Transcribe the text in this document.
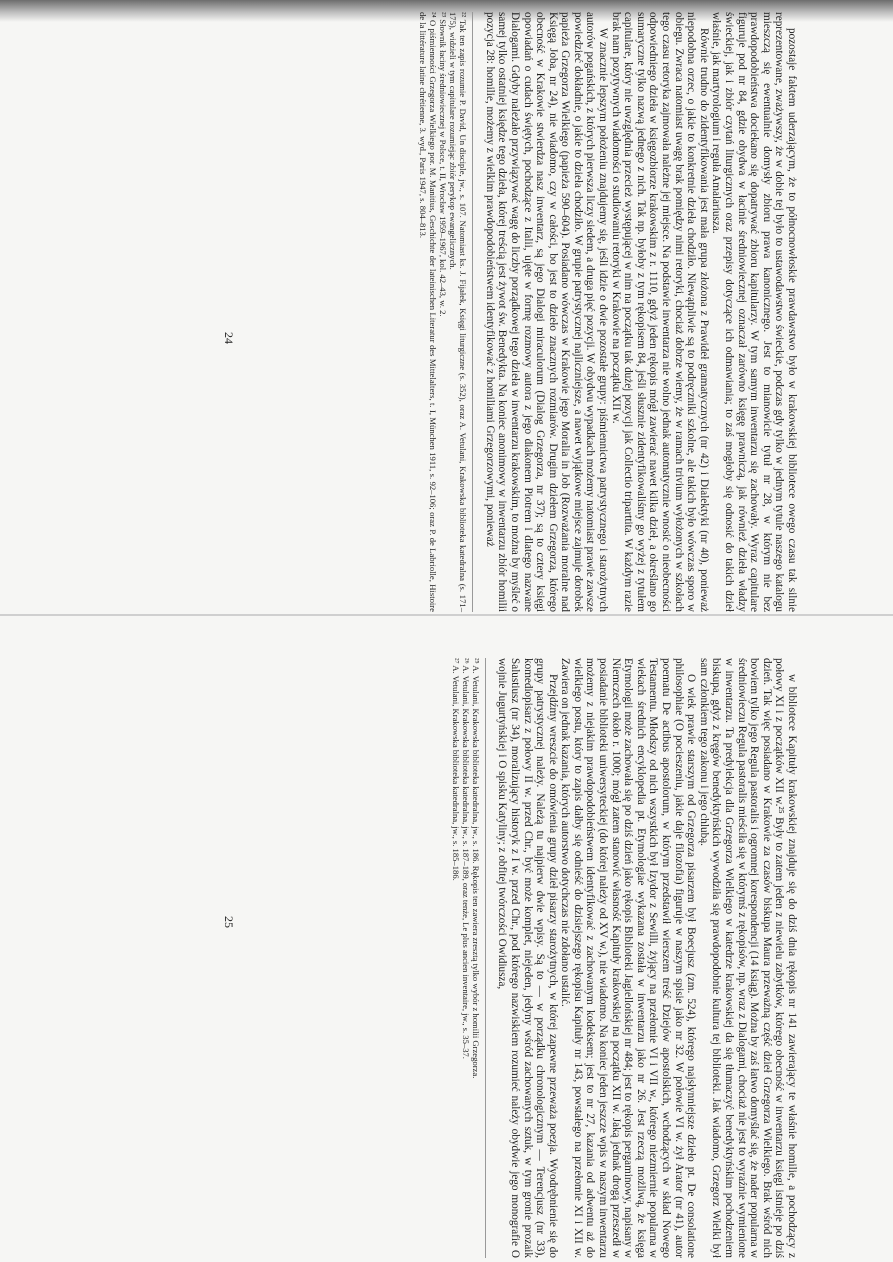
pozostaje faktem uderzającym, że to północnowłoskie prawdawstwo było w krakowskiej bibliotece owego czasu tak silnie reprezentowane, zważywszy, że w dobie tej było to ustawodawstwo świeckie, podczas gdy tylko w jednym tytule naszego katalogu mieszczą się ewentualnie domysły zbioru prawa kanonicznego. Jest to mianowicie tytuł nr 28, w którym nie bez prawdopodobieństwa dociekano się dopatrywać zbioru kapitularzy. W tym samym inwentarzu się zachowały. Wyraz capitulare figuruje pod nr 84, gdzie obydwa w łacinie średniowiecznej oznaczał zarówno księgę prawniczą, jak również dzieła władzy świeckiej, jak i zbiór czytań liturgicznych oraz przepisy dotyczące ich odmawiania; to zaś mogłoby się odnosić do takich dzieł właśnie, jak martyrologium i reguła Amalariusza.

Równie trudno do zidentyfikowania jest mała grupa złożona z Prawideł gramatycznych (nr 42) i Dialektyki (nr 40), ponieważ niepodobna orzec, o jakie to konkretnie dzieła chodziło. Niewątpliwie są to podręczniki szkolne, ale takich było wówczas sporo w obiegu. Zwraca natomiast uwagę brak pomiędzy nimi retoryki, chociaż dobrze wiemy, że w ramach trivium wyłożonych w szkołach tego czasu retoryka zajmowała należne jej miejsce. Na podstawie inwentarza nie wolno jednak automatycznie wnosić o nieobecności odpowiedniego dzieła w księgozbiorze krakowskim z r. 1110, gdyż jeden rękopis mógł zawierać nawet kilka dzieł, a określano go sumaryczne tylko nazwą jednego z nich. Tak np. byłoby z tym rękopisem 84, jeśli słusznie zidentyfikowaliśmy go wyżej z tytułem capitulare, który nie uwzględnia przecież występującej w nim na początku tak dużej pozycji jak Collectio triparttita. W każdym razie brak nam pozytywnych wiadomości o studiowaniu retoryki w Krakowie na początku XII w.

W znacznie lepszym położeniu znajdujemy się, jeśli idzie o dwie pozostałe grupy: piśmiennictwa patrystycznego i starożytnych autorów pogańskich, z których pierwsza liczy siedem, a druga pięć pozycji. W obydwu wypadkach możemy natomiast prawie zawsze powiedzieć dokładnie, o jakie to dzieła chodziło. W grupie patrystycznej najliczniejsze, a nawet wyjątkowe miejsce zajmuje dorobek papieża Grzegorza Wielkiego (papieża 590–604). Posiadano wówczas w Krakowie jego Moralia in Job (Rozważania moralne nad Księgą Joba, nr 24), nie wiadomo, czy w całości, bo jest to dzieło znacznych rozmiarów. Drugim dziełem Grzegorza, którego obecność w Krakowie stwierdza nasz inwentarz, są jego Dialogi miraculorum (Dialog Grzegorza, nr 37); są to cztery księgi opowiadań o cudach świętych, pochodzące z Italii, ujęte w formę rozmowy autora z jego diakonem Piotrem i dlatego nazwane Dialogami. Gdyby należało przywiązywać wagę do liczby porządkowej tego dzieła w inwentarzu krakowskim, to można by myśleć o samej tylko ostatniej księdze tego dzieła, której treścią jest żywot św. Benedykta. Na koniec anonimowy w inwentarzu zbiór homilii pozycja 28: homilie, możemy z wielkim prawdopodobieństwem identyfikować z homiliami Grzegorzowymi, ponieważ

²² Tak ten zapis rozumie P. David, Un disciple, jw., s. 107. Natomiast ks. J. Fijałek, Księgi liturgiczne (s. 352), oraz A. Vetulani, Krakowska biblioteka katedralna (s. 171–175), widzieli w tym capitulare rozumiejąc zbiór perykop ewangelicznych.

²³ Słownik łaciny średniowiecznej w Polsce, t. II, Wrocław 1959–1967, kol. 42–43, w. 2.

²⁴ O piśmienności Grzegorza Wielkiego por. M. Manitius, Geschichte der lateinischen Literatur des Mittelalters, t. I, München 1911, s. 92–106; oraz P. de Labriolle, Histoire de la littérature latine chrétienne, 3. wyd., Paris 1947, s. 804–813.

24

w bibliotece Kapituły krakowskiej znajduje się do dziś dnia rękopis nr 141 zawierający te właśnie homilie, a pochodzący z połowy XI i z początków XII w.²⁵ Były to zatem jeden z niewielu zabytków, którego obecność w inwentarzu księgi istnieje po dziś dzień. Tak więc posiadano w Krakowie za czasów biskupa Maura przeważną część dzieł Grzegorza Wielkiego. Brak wśród nich bowiem tylko jego Regula pastoralis i ogromnej korespondencji (14 ksiąg). Można by zaś łatwo domyślać się, że nader popularna w średniowieczu Regula pastoralis mieściła się w którymś z rękopisów, np. wraz z Dialogami, chociaż nie jest to wyraźnie wymienione w inwentarzu. Ta predylekcja dla Grzegorza Wielkiego w katedrze krakowskiej da się tłumaczyć benedyktyńskim pochodzeniem biskupa, gdyż z kręgów benedyktyńskich wywodziła się prawdopodobnie kultura tej biblioteki. Jak wiadomo, Grzegorz Wielki był sam członkiem tego zakonu i jego chlubą.

O wiek prawie starszym od Grzegorza pisarzem był Boecjusz (zm. 524), którego najsłynniejsze dzieło pt. De consolatione philosophiae (O pocieszeniu, jakie daje filozofia) figuruje w naszym spisie jako nr 32. W połowie VI w. żył Arator (nr 41), autor poematu De actibus apostolorum, w którym przedstawił wierszem treść Dziejów apostolskich, wchodzących w skład Nowego Testamentu. Młodszy od nich wszystkich był Izydor z Sewilli, żyjący na przełomie VI i VII w., którego niezmiernie popularna w wiekach średnich encyklopedia pt. Etymologiae wykazana została w inwentarzu jako nr 26. Jest rzeczą możliwą, że księga Etymologii może zachowała się po dziś dzień jako rękopis Biblioteki Jagiellońskiej nr 484; jest to rękopis pergaminowy, napisany w Niemczech około r. 1000; mógł zatem stanowić własność Kapituły krakowskiej na początku XII w. Jaką jednak drogą przeszedł w posiadanie biblioteki uniwersyteckiej (do której należy od XV w.), nie wiadomo. Na koniec jeden jeszcze wpis w naszym inwentarzu możemy z niejakim prawdopodobieństwem identyfikować z zachowanym kodeksem; jest to nr 27, kazania od adwentu aż do wielkiego postu, który to zapis dałby się odnieść do dzisiejszego rękopisu Kapituły nr 143, powstałego na przełomie XI i XII w. Zawiera on jednak kazania, których autorstwo dotychczas nie zdołano ustalić.

Przejdźmy wreszcie do omówienia grupy dzieł pisarzy starożytnych, w której zapewne przeważa poezja. Wyodrębnienie się do grupy patrystycznej należy. Należą tu najpierw dwie wpisy. Są to — w porządku chronologicznym — Terencjusz (nr 33), komediopisarz z połowy II w. przed Chr., być może komplet, niejeden, jedyny wśród zachowanych sztuk, w tym gronie prozaik Salustiusz (nr 34), moralizujący historyk z I w. przed Chr., pod którego nazwiskiem rozumieć należy obydwie jego monografie O wojnie Jugurtyńskiej i O spisku Katyliny; z obfitej twórczości Owidiusza,

²⁵ A. Vetulani, Krakowska biblioteka katedralna, jw., s. 186. Rękopis ten zawiera zresztą tylko wybór z homilii Grzegorza.

²⁶ A. Vetulani, Krakowska biblioteka katedralna, jw., s. 187–189, oraz tenże, Le plus ancien inventaire, jw., s. 35–37.

²⁷ A. Vetulani, Krakowska biblioteka katedralna, jw., s. 185–186.

25
